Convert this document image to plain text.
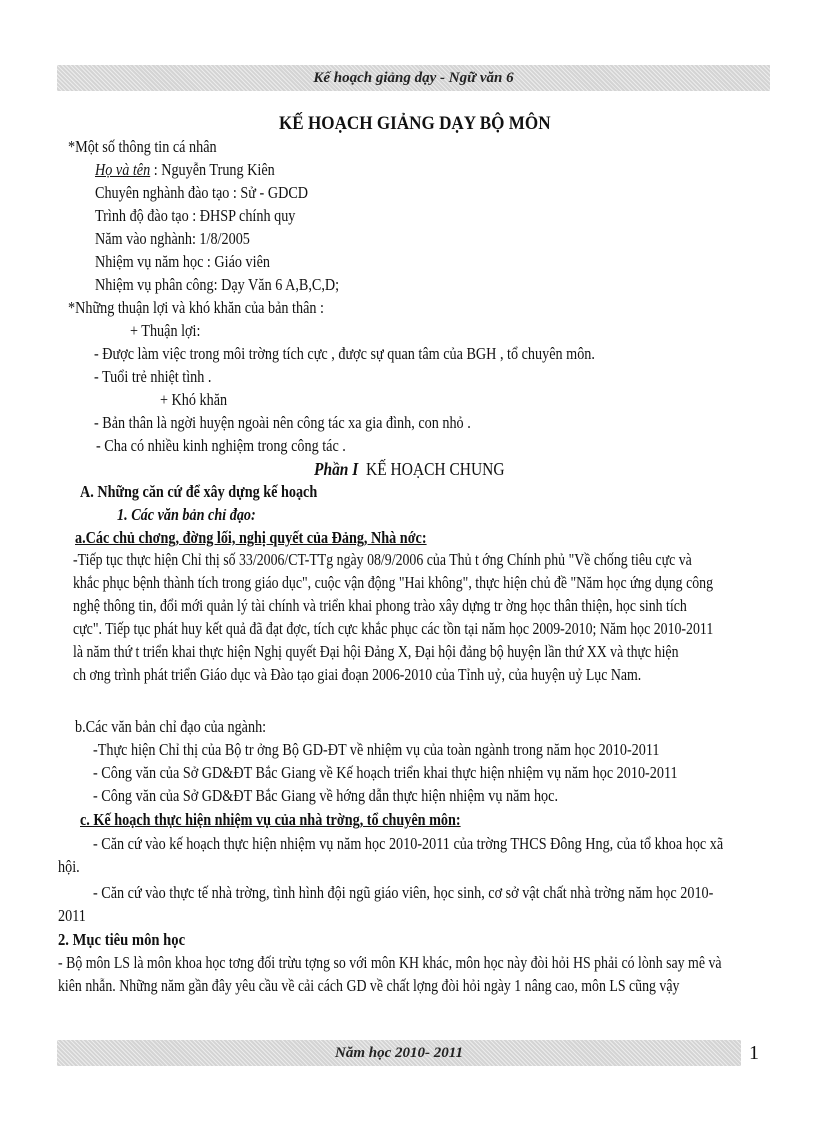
Kế hoạch giảng dạy - Ngữ văn 6
KẾ HOẠCH GIẢNG DẠY BỘ MÔN
*Một số thông tin cá nhân
Họ và tên : Nguyễn Trung Kiên
Chuyên nghành đào tạo : Sử - GDCD
Trình độ đào tạo : ĐHSP chính quy
Năm vào nghành: 1/8/2005
Nhiệm vụ năm học : Giáo viên
Nhiệm vụ phân công: Dạy Văn 6 A,B,C,D;
*Những thuận lợi và khó khăn của bản thân :
+ Thuận lợi:
- Được làm việc trong môi trờng tích cực , được sự quan tâm của BGH , tổ chuyên môn.
- Tuổi trẻ nhiệt tình .
+ Khó khăn
- Bản thân là ngời huyện ngoài nên công tác xa gia đình, con nhỏ .
- Cha có nhiều kinh nghiệm trong công tác .
Phần I KẾ HOẠCH CHUNG
A. Những căn cứ để xây dựng kế hoạch
1. Các văn bản chỉ đạo:
a.Các chủ chơng, đờng lối, nghị quyết của Đảng, Nhà nớc:
-Tiếp tục thực hiện Chỉ thị số 33/2006/CT-TTg ngày 08/9/2006 của Thủ t ớng Chính phủ "Về chống tiêu cực và
khắc phục bệnh thành tích trong giáo dục", cuộc vận động "Hai không", thực hiện chủ đề "Năm học ứng dụng công
nghệ thông tin, đổi mới quản lý tài chính và triển khai phong trào xây dựng tr ờng học thân thiện, học sinh tích
cực". Tiếp tục phát huy kết quả đã đạt đợc, tích cực khắc phục các tồn tại năm học 2009-2010; Năm học 2010-2011
là năm thứ t triển khai thực hiện Nghị quyết Đại hội Đảng X, Đại hội đảng bộ huyện lần thứ XX và thực hiện
ch ơng trình phát triển Giáo dục và Đào tạo giai đoạn 2006-2010 của Tỉnh uỷ, của huyện uỷ Lục Nam.
b.Các văn bản chỉ đạo của ngành:
-Thực hiện Chỉ thị của Bộ tr ởng Bộ GD-ĐT về nhiệm vụ của toàn ngành trong năm học 2010-2011
- Công văn của Sở GD&ĐT Bắc Giang về Kế hoạch triển khai thực hiện nhiệm vụ năm học 2010-2011
- Công văn của Sở GD&ĐT Bắc Giang về hớng dẫn thực hiện nhiệm vụ năm học.
c. Kế hoạch thực hiện nhiệm vụ của nhà trờng, tổ chuyên môn:
- Căn cứ vào kế hoạch thực hiện nhiệm vụ năm học 2010-2011 của trờng THCS Đông Hng, của tổ khoa học xã
hội.
- Căn cứ vào thực tế nhà trờng, tình hình đội ngũ giáo viên, học sinh, cơ sở vật chất nhà trờng năm học 2010-
2011
2. Mục tiêu môn học
- Bộ môn LS là môn khoa học tơng đối trừu tợng so với môn KH khác, môn học này đòi hỏi HS phải có lònh say mê và
kiên nhẫn. Những năm gần đây yêu cầu về cải cách GD về chất lợng đòi hỏi ngày 1 nâng cao, môn LS cũng vậy
Năm học 2010- 2011	1
